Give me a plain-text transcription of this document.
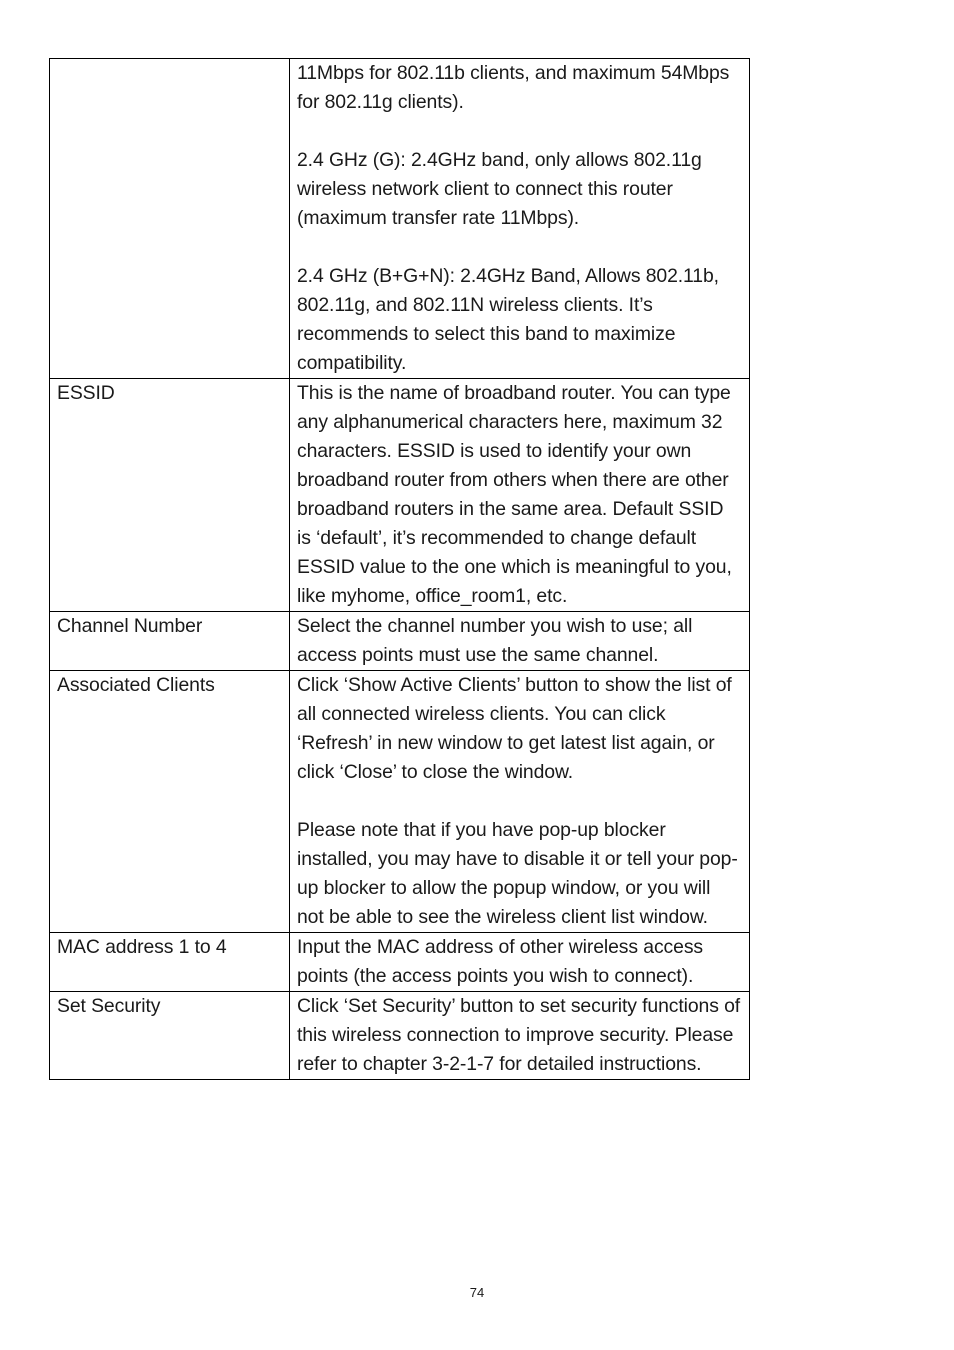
	11Mbps for 802.11b clients, and maximum 54Mbps for 802.11g clients).

2.4 GHz (G): 2.4GHz band, only allows 802.11g wireless network client to connect this router (maximum transfer rate 11Mbps).

2.4 GHz (B+G+N): 2.4GHz Band, Allows 802.11b, 802.11g, and 802.11N wireless clients. It’s recommends to select this band to maximize compatibility.

ESSID	This is the name of broadband router. You can type any alphanumerical characters here, maximum 32 characters. ESSID is used to identify your own broadband router from others when there are other broadband routers in the same area. Default SSID is ‘default’, it’s recommended to change default ESSID value to the one which is meaningful to you, like myhome, office_room1, etc.

Channel Number	Select the channel number you wish to use; all access points must use the same channel.

Associated Clients	Click ‘Show Active Clients’ button to show the list of all connected wireless clients. You can click ‘Refresh’ in new window to get latest list again, or click ‘Close’ to close the window.

Please note that if you have pop-up blocker installed, you may have to disable it or tell your pop-up blocker to allow the popup window, or you will not be able to see the wireless client list window.

MAC address 1 to 4	Input the MAC address of other wireless access points (the access points you wish to connect).

Set Security	Click ‘Set Security’ button to set security functions of this wireless connection to improve security. Please refer to chapter 3-2-1-7 for detailed instructions.

74
